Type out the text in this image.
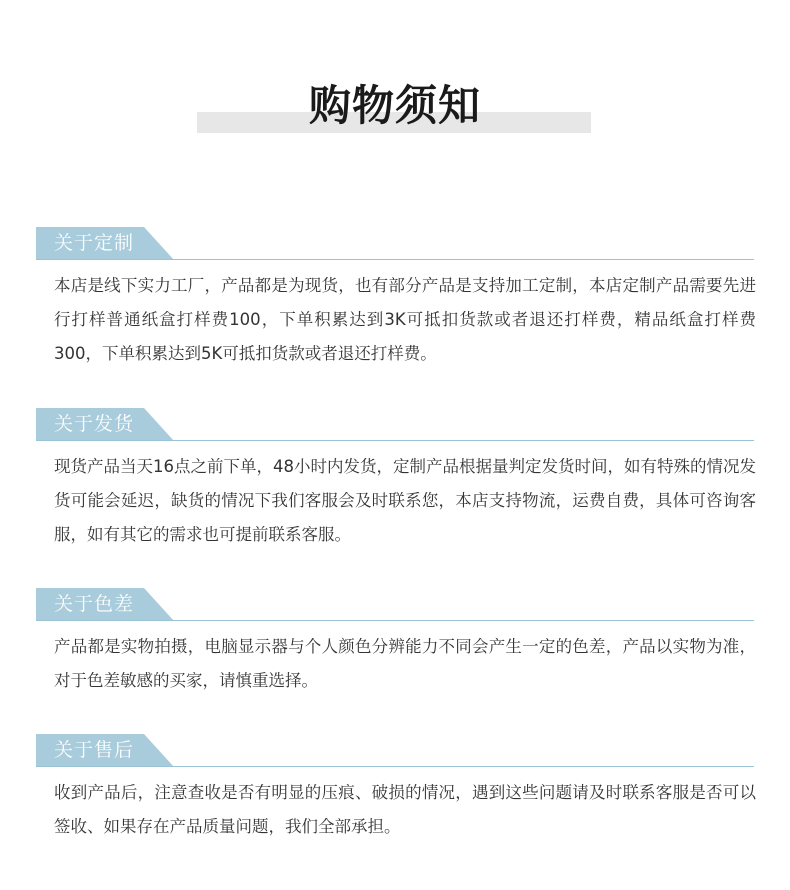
购物须知
关于定制
本店是线下实力工厂，产品都是为现货，也有部分产品是支持加工定制，本店定制产品需要先进行打样普通纸盒打样费100，下单积累达到3K可抵扣货款或者退还打样费，精品纸盒打样费300，下单积累达到5K可抵扣货款或者退还打样费。
关于发货
现货产品当天16点之前下单，48小时内发货，定制产品根据量判定发货时间，如有特殊的情况发货可能会延迟，缺货的情况下我们客服会及时联系您，本店支持物流，运费自费，具体可咨询客服，如有其它的需求也可提前联系客服。
关于色差
产品都是实物拍摄，电脑显示器与个人颜色分辨能力不同会产生一定的色差，产品以实物为准，对于色差敏感的买家，请慎重选择。
关于售后
收到产品后，注意查收是否有明显的压痕、破损的情况，遇到这些问题请及时联系客服是否可以签收、如果存在产品质量问题，我们全部承担。
